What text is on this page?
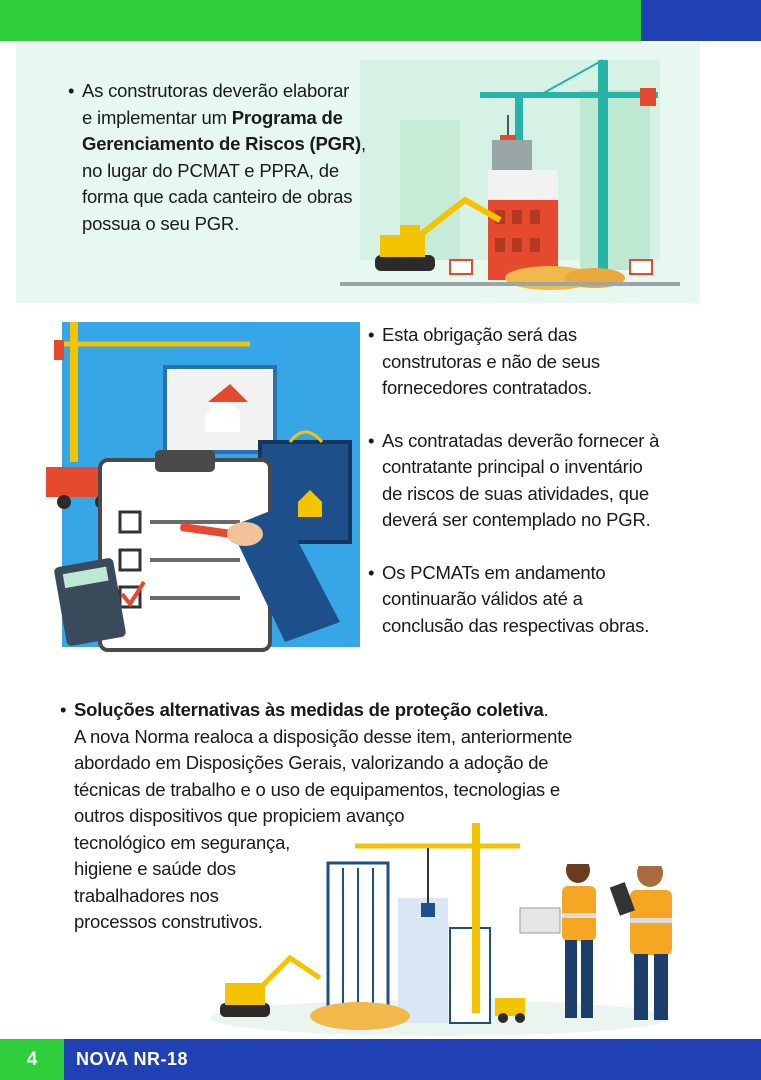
• As construtoras deverão elaborar

e implementar um Programa de

Gerenciamento de Riscos (PGR),

no lugar do PCMAT e PPRA, de

forma que cada canteiro de obras

possua o seu PGR.

• Esta obrigação será das

construtoras e não de seus

fornecedores contratados.

• As contratadas deverão fornecer à

contratante principal o inventário

de riscos de suas atividades, que

deverá ser contemplado no PGR.

• Os PCMATs em andamento

continuarão válidos até a

conclusão das respectivas obras.

• Soluções alternativas às medidas de proteção coletiva.

A nova Norma realoca a disposição desse item, anteriormente

abordado em Disposições Gerais, valorizando a adoção de

técnicas de trabalho e o uso de equipamentos, tecnologias e

outros dispositivos que propiciem avanço

tecnológico em segurança,

higiene e saúde dos

trabalhadores nos

processos construtivos.

4	NOVA NR-18
